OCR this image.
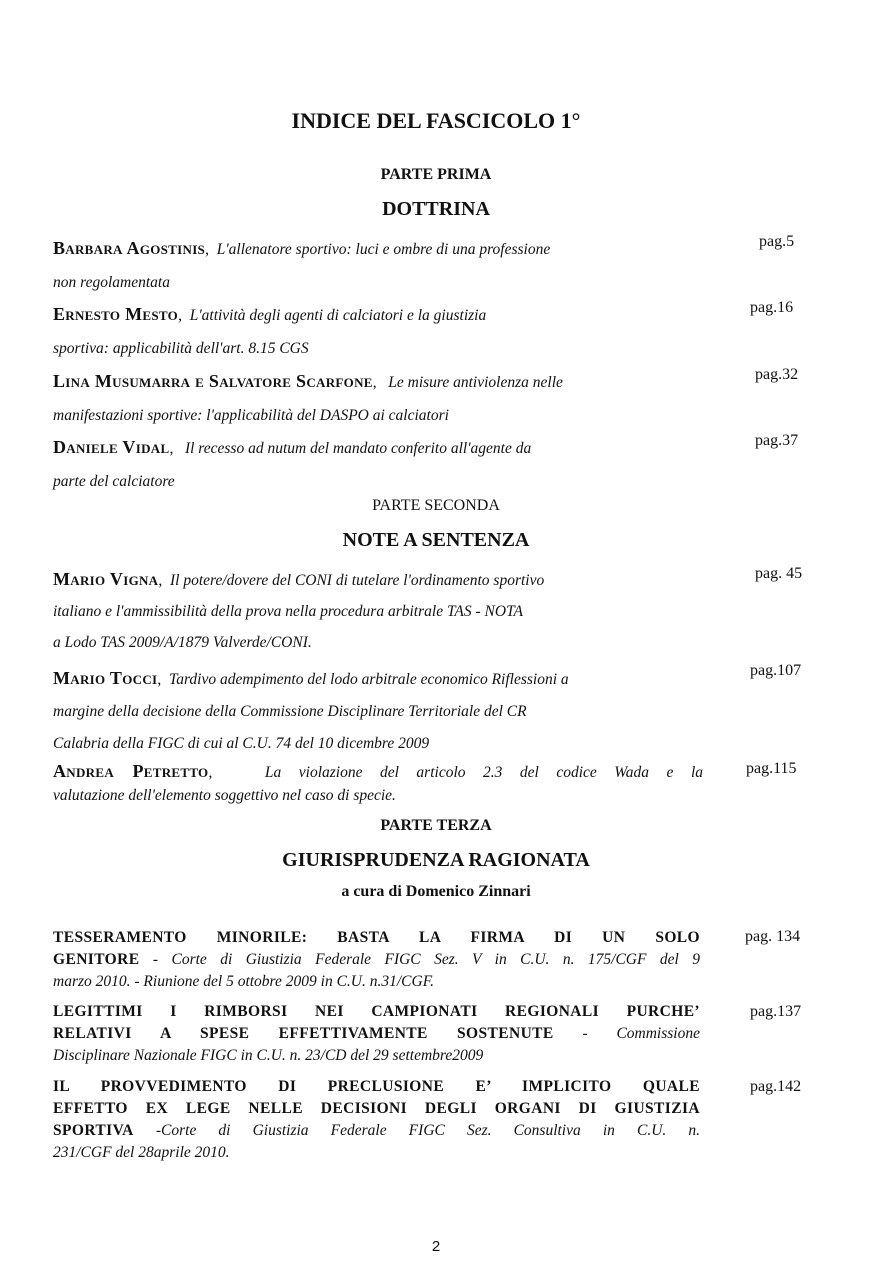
INDICE DEL FASCICOLO 1°
PARTE PRIMA
DOTTRINA
Barbara Agostinis, L'allenatore sportivo: luci e ombre di una professione
non regolamentata
pag.5
Ernesto Mesto, L'attività degli agenti di calciatori e la giustizia
sportiva: applicabilità dell'art. 8.15 CGS
pag.16
Lina Musumarra e Salvatore Scarfone, Le misure antiviolenza nelle
manifestazioni sportive: l'applicabilità del DASPO ai calciatori
pag.32
Daniele Vidal, Il recesso ad nutum del mandato conferito all'agente da
parte del calciatore
pag.37
PARTE SECONDA
NOTE A SENTENZA
Mario Vigna, Il potere/dovere del CONI di tutelare l'ordinamento sportivo
italiano e l'ammissibilità della prova nella procedura arbitrale TAS - NOTA
a Lodo TAS 2009/A/1879 Valverde/CONI.
pag. 45
Mario Tocci, Tardivo adempimento del lodo arbitrale economico Riflessioni a
margine della decisione della Commissione Disciplinare Territoriale del CR
Calabria della FIGC di cui al C.U. 74 del 10 dicembre 2009
pag.107
Andrea Petretto,	La violazione del articolo 2.3 del codice Wada e la
valutazione dell'elemento soggettivo nel caso di specie.
pag.115
PARTE TERZA
GIURISPRUDENZA RAGIONATA
a cura di Domenico Zinnari
TESSERAMENTO MINORILE: BASTA LA FIRMA DI UN SOLO
GENITORE - Corte di Giustizia Federale FIGC Sez. V in C.U. n. 175/CGF del 9
marzo 2010. - Riunione del 5 ottobre 2009 in C.U. n.31/CGF.
pag. 134
LEGITTIMI I RIMBORSI NEI CAMPIONATI REGIONALI PURCHE’
RELATIVI A SPESE EFFETTIVAMENTE SOSTENUTE - Commissione
Disciplinare Nazionale FIGC in C.U. n. 23/CD del 29 settembre2009
pag.137
IL PROVVEDIMENTO DI PRECLUSIONE E’ IMPLICITO QUALE
EFFETTO EX LEGE NELLE DECISIONI DEGLI ORGANI DI GIUSTIZIA
SPORTIVA -Corte di Giustizia Federale FIGC Sez. Consultiva in C.U. n.
231/CGF del 28aprile 2010.
pag.142
2
